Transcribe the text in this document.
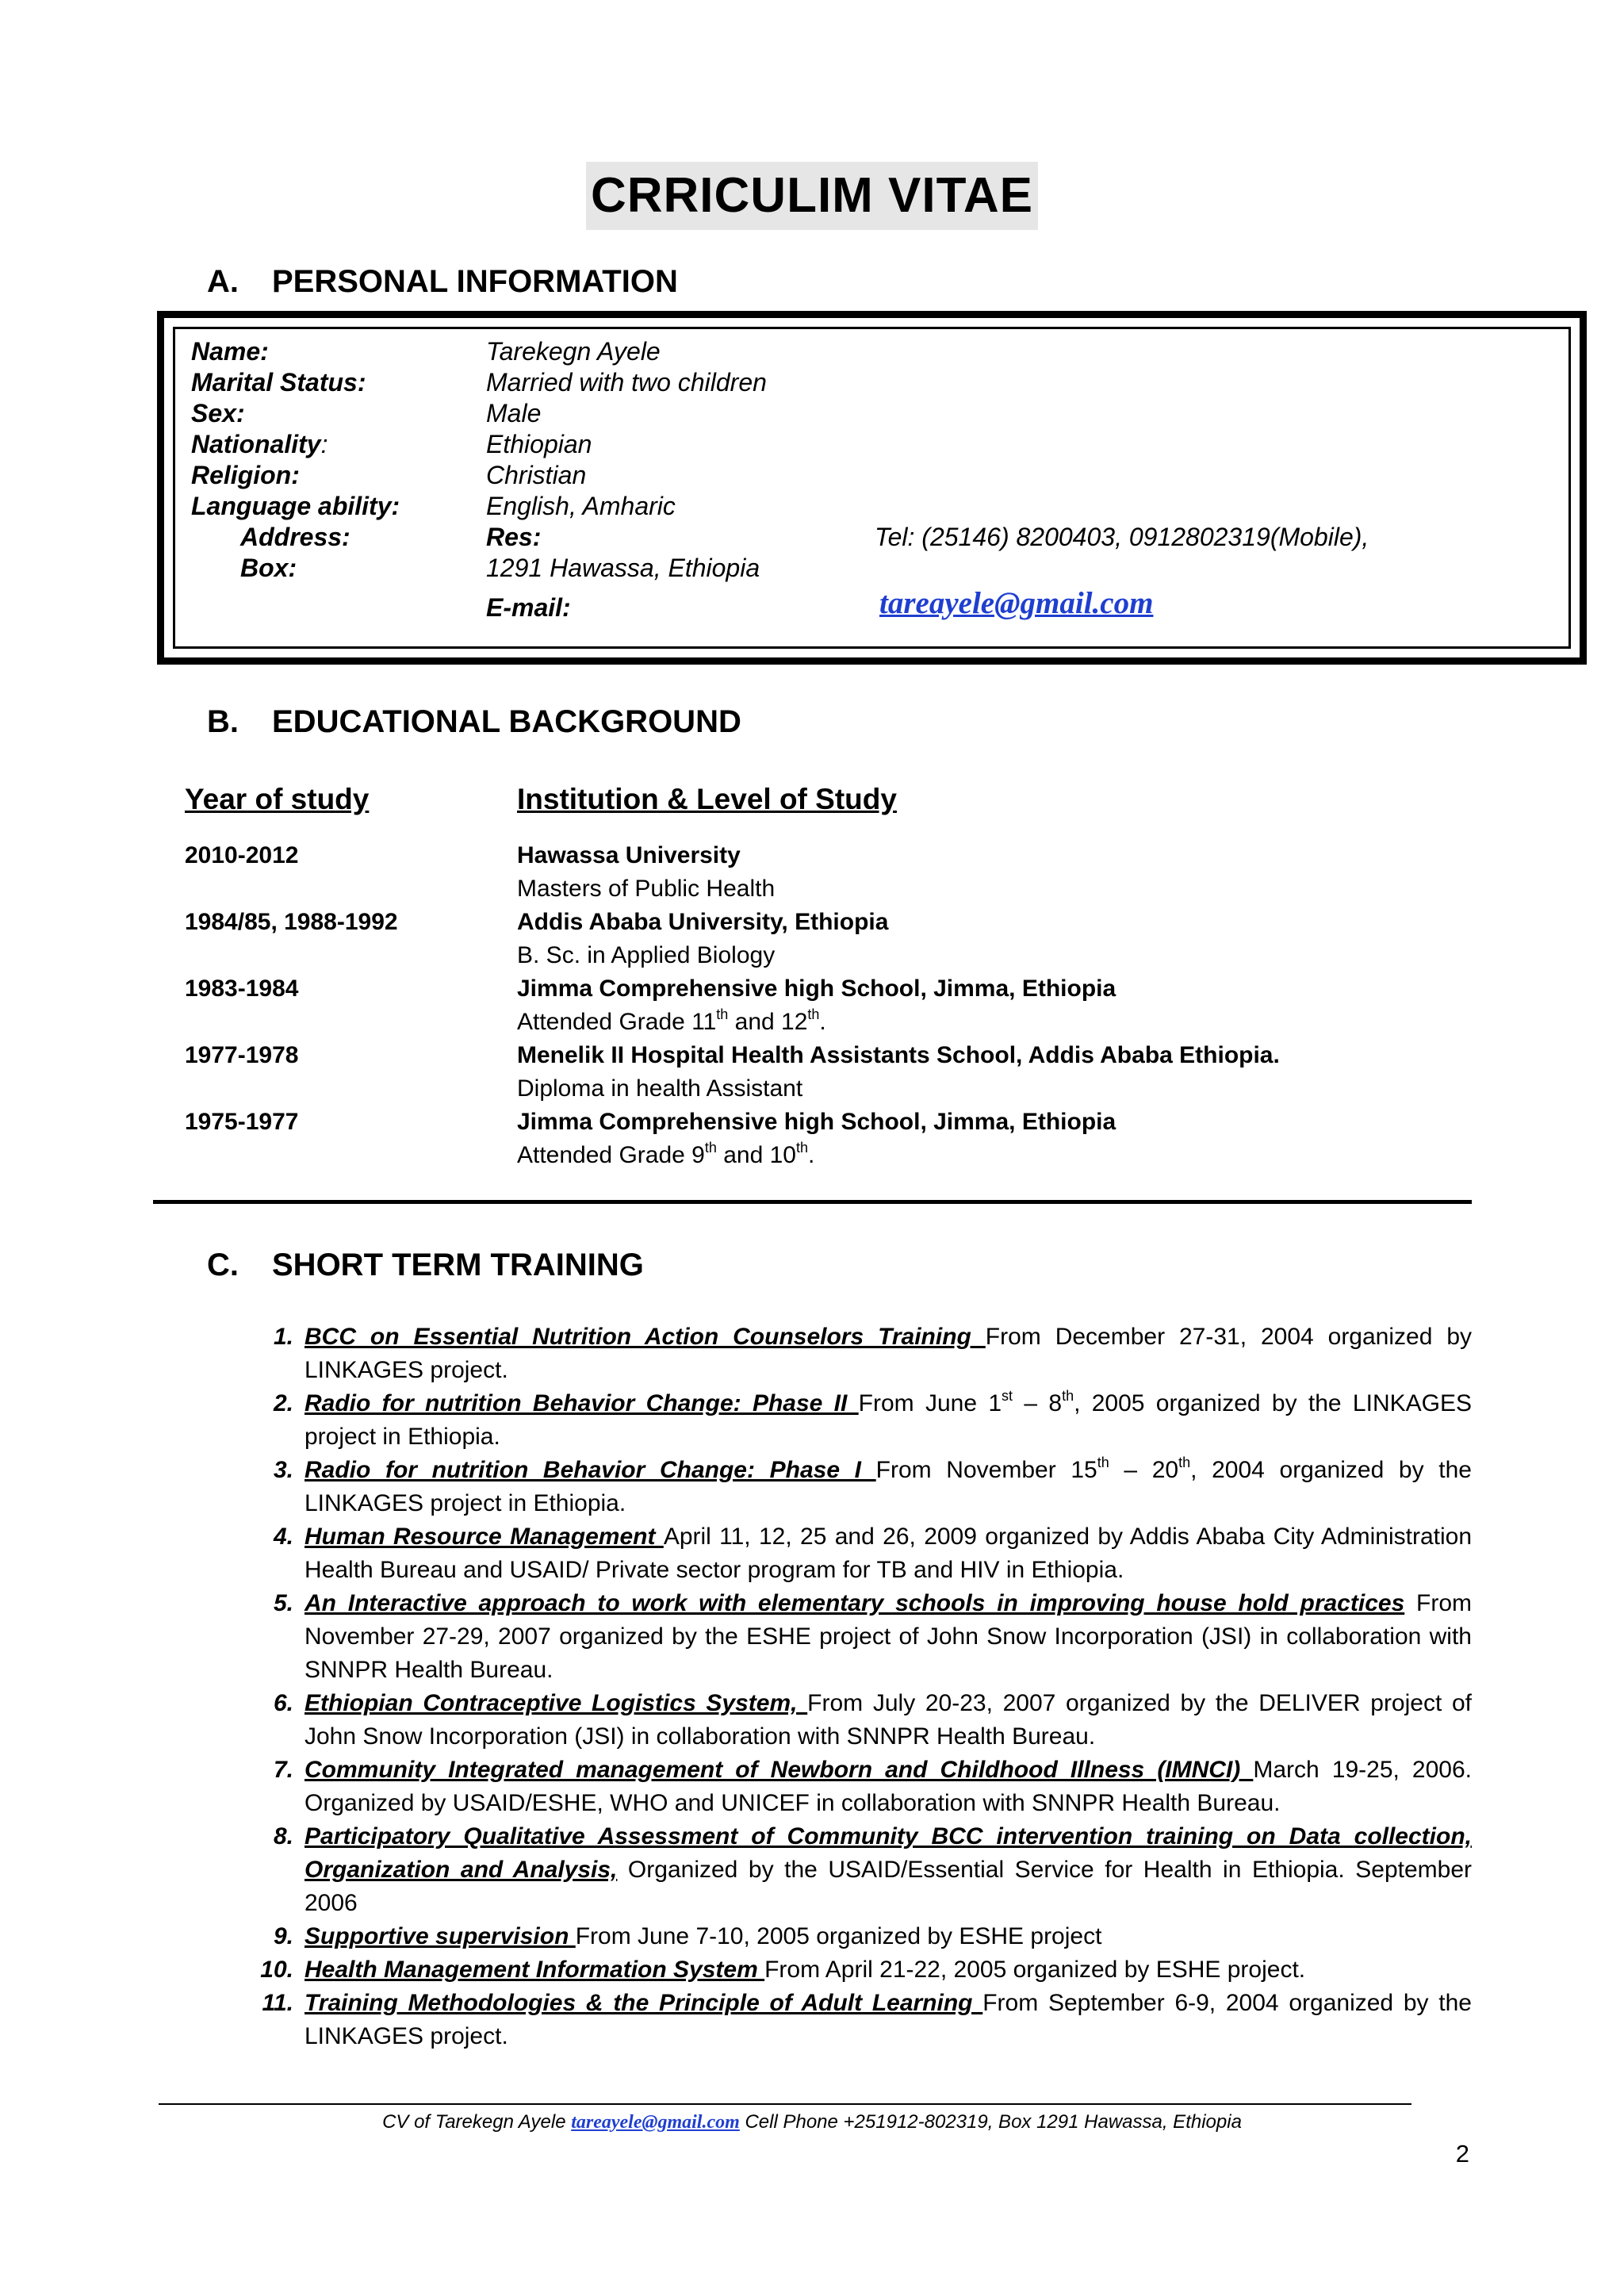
CRRICULIM VITAE
A. PERSONAL INFORMATION
Name:	Tarekegn Ayele
Marital Status:	Married with two children
Sex:	Male
Nationality:	Ethiopian
Religion:	Christian
Language ability:	English, Amharic
Address:	Res:	Tel: (25146) 8200403, 0912802319(Mobile),
Box:	1291 Hawassa, Ethiopia
E-mail:	tareayele@gmail.com
B. EDUCATIONAL BACKGROUND
Year of study	Institution & Level of Study
2010-2012	Hawassa University
Masters of Public Health
1984/85, 1988-1992	Addis Ababa University, Ethiopia
B. Sc. in Applied Biology
1983-1984	Jimma Comprehensive high School, Jimma, Ethiopia
Attended Grade 11th and 12th.
1977-1978	Menelik II Hospital Health Assistants School, Addis Ababa Ethiopia.
Diploma in health Assistant
1975-1977	Jimma Comprehensive high School, Jimma, Ethiopia
Attended Grade 9th and 10th.
C. SHORT TERM TRAINING
1. BCC on Essential Nutrition Action Counselors Training From December 27-31, 2004 organized by LINKAGES project.
2. Radio for nutrition Behavior Change: Phase II From June 1st – 8th, 2005 organized by the LINKAGES project in Ethiopia.
3. Radio for nutrition Behavior Change: Phase I From November 15th – 20th, 2004 organized by the LINKAGES project in Ethiopia.
4. Human Resource Management April 11, 12, 25 and 26, 2009 organized by Addis Ababa City Administration Health Bureau and USAID/ Private sector program for TB and HIV in Ethiopia.
5. An Interactive approach to work with elementary schools in improving house hold practices From November 27-29, 2007 organized by the ESHE project of John Snow Incorporation (JSI) in collaboration with SNNPR Health Bureau.
6. Ethiopian Contraceptive Logistics System, From July 20-23, 2007 organized by the DELIVER project of John Snow Incorporation (JSI) in collaboration with SNNPR Health Bureau.
7. Community Integrated management of Newborn and Childhood Illness (IMNCI) March 19-25, 2006. Organized by USAID/ESHE, WHO and UNICEF in collaboration with SNNPR Health Bureau.
8. Participatory Qualitative Assessment of Community BCC intervention training on Data collection, Organization and Analysis, Organized by the USAID/Essential Service for Health in Ethiopia. September 2006
9. Supportive supervision From June 7-10, 2005 organized by ESHE project
10. Health Management Information System From April 21-22, 2005 organized by ESHE project.
11. Training Methodologies & the Principle of Adult Learning From September 6-9, 2004 organized by the LINKAGES project.
CV of Tarekegn Ayele tareayele@gmail.com Cell Phone +251912-802319, Box 1291 Hawassa, Ethiopia
2
